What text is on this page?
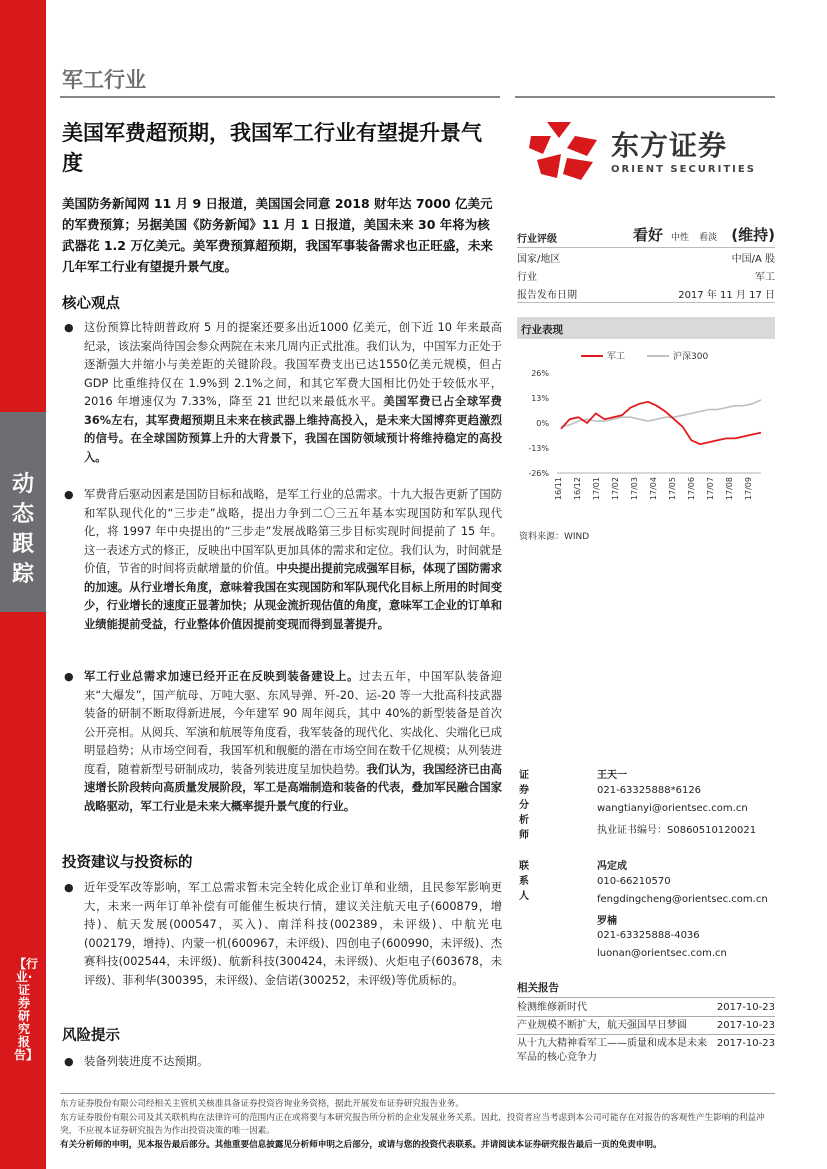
动态跟踪
【行业·证券研究报告】
军工行业
东方证券
ORIENT SECURITIES
美国军费超预期，我国军工行业有望提升景气度
美国防务新闻网 11 月 9 日报道，美国国会同意 2018 财年达 7000 亿美元的军费预算；另据美国《防务新闻》11 月 1 日报道，美国未来 30 年将为核武器花 1.2 万亿美元。美军费预算超预期，我国军事装备需求也正旺盛，未来几年军工行业有望提升景气度。
核心观点
● 这份预算比特朗普政府 5 月的提案还要多出近1000 亿美元，创下近 10 年来最高纪录，该法案尚待国会参众两院在未来几周内正式批准。我们认为，中国军力正处于逐渐强大并缩小与美差距的关键阶段。我国军费支出已达1550亿美元规模，但占 GDP 比重维持仅在 1.9%到 2.1%之间，和其它军费大国相比仍处于较低水平，2016 年增速仅为 7.33%，降至 21 世纪以来最低水平。美国军费已占全球军费 36%左右，其军费超预期且未来在核武器上维持高投入，是未来大国博弈更趋激烈的信号。在全球国防预算上升的大背景下，我国在国防领域预计将维持稳定的高投入。
● 军费背后驱动因素是国防目标和战略，是军工行业的总需求。十九大报告更新了国防和军队现代化的“三步走”战略，提出力争到二〇三五年基本实现国防和军队现代化，将 1997 年中央提出的“三步走”发展战略第三步目标实现时间提前了 15 年。这一表述方式的修正，反映出中国军队更加具体的需求和定位。我们认为，时间就是价值，节省的时间将贡献增量的价值。中央提出提前完成强军目标，体现了国防需求的加速。从行业增长角度，意味着我国在实现国防和军队现代化目标上所用的时间变少，行业增长的速度正显著加快；从现金流折现估值的角度，意味军工企业的订单和业绩能提前受益，行业整体价值因提前变现而得到显著提升。
● 军工行业总需求加速已经开正在反映到装备建设上。过去五年，中国军队装备迎来“大爆发”，国产航母、万吨大驱、东风导弹、歼-20、运-20 等一大批高科技武器装备的研制不断取得新进展，今年建军 90 周年阅兵，其中 40%的新型装备是首次公开亮相。从阅兵、军演和航展等角度看，我军装备的现代化、实战化、尖端化已成明显趋势；从市场空间看，我国军机和舰艇的潜在市场空间在数千亿规模；从列装进度看，随着新型号研制成功，装备列装进度呈加快趋势。我们认为，我国经济已由高速增长阶段转向高质量发展阶段，军工是高端制造和装备的代表，叠加军民融合国家战略驱动，军工行业是未来大概率提升景气度的行业。
投资建议与投资标的
● 近年受军改等影响，军工总需求暂未完全转化成企业订单和业绩，且民参军影响更大，未来一两年订单补偿有可能催生板块行情，建议关注航天电子(600879，增持)、航天发展(000547，买入)、南洋科技(002389，未评级)、中航光电(002179，增持)、内蒙一机(600967，未评级)、四创电子(600990，未评级)、杰赛科技(002544，未评级)、航新科技(300424，未评级)、火炬电子(603678，未评级)、菲利华(300395，未评级)、金信诺(300252，未评级)等优质标的。
风险提示
● 装备列装进度不达预期。
行业评级	看好 中性 看淡 (维持)
国家/地区	中国/A 股
行业	军工
报告发布日期	2017 年 11 月 17 日
行业表现
军工	沪深300
26%
13%
0%
-13%
-26%
16/11 16/12 17/01 17/02 17/03 17/04 17/05 17/06 17/07 17/08 17/09
资料来源：WIND
证券分析师
王天一
021-63325888*6126
wangtianyi@orientsec.com.cn
执业证书编号：S0860510120021
联系人
冯定成
010-66210570
fengdingcheng@orientsec.com.cn
罗楠
021-63325888-4036
luonan@orientsec.com.cn
相关报告
检测维修新时代	2017-10-23
产业规模不断扩大，航天强国早日梦圆	2017-10-23
从十九大精神看军工——质量和成本是未来军品的核心竞争力
2017-10-23
东方证券股份有限公司经相关主管机关核准具备证券投资咨询业务资格，据此开展发布证券研究报告业务。
东方证券股份有限公司及其关联机构在法律许可的范围内正在或将要与本研究报告所分析的企业发展业务关系。因此，投资者应当考虑到本公司可能存在对报告的客观性产生影响的利益冲突，不应视本证券研究报告为作出投资决策的唯一因素。
有关分析师的申明，见本报告最后部分。其他重要信息披露见分析师申明之后部分，或请与您的投资代表联系。并请阅读本证券研究报告最后一页的免责申明。
